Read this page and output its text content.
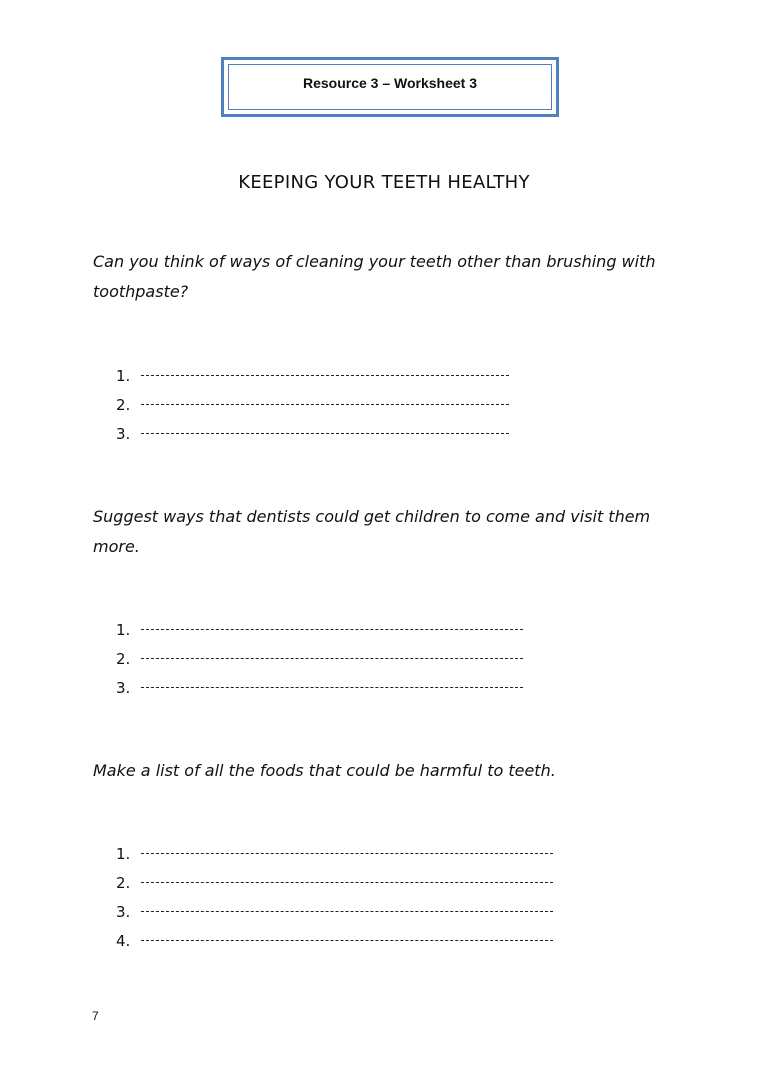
Resource 3 – Worksheet 3
KEEPING YOUR TEETH HEALTHY
Can you think of ways of cleaning your teeth other than brushing with toothpaste?
1.
2.
3.
Suggest ways that dentists could get children to come and visit them more.
1.
2.
3.
Make a list of all the foods that could be harmful to teeth.
1.
2.
3.
4.
7
